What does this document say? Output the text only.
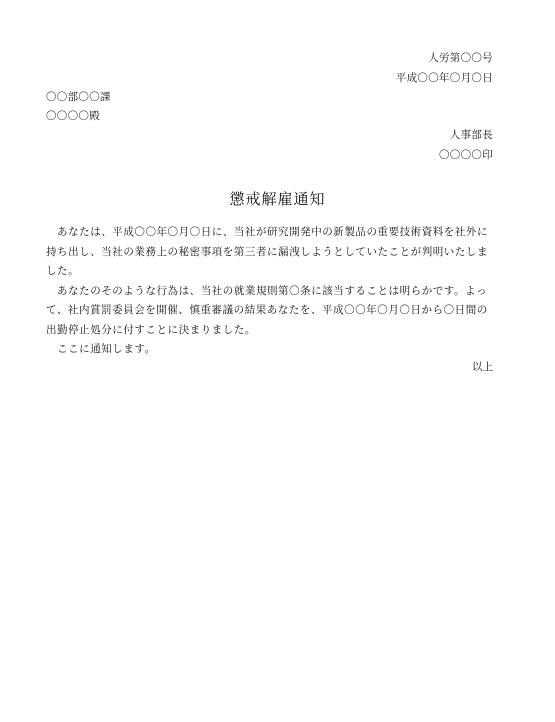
人労第〇〇号
平成〇〇年〇月〇日
〇〇部〇〇課
〇〇〇〇殿
人事部長
〇〇〇〇印
懲戒解雇通知
　あなたは、平成〇〇年〇月〇日に、当社が研究開発中の新製品の重要技術資料を社外に
持ち出し、当社の業務上の秘密事項を第三者に漏洩しようとしていたことが判明いたしま
した。
　あなたのそのような行為は、当社の就業規則第〇条に該当することは明らかです。よっ
て、社内賞罰委員会を開催、慎重審議の結果あなたを、平成〇〇年〇月〇日から〇日間の
出勤停止処分に付すことに決まりました。
　ここに通知します。
以上
